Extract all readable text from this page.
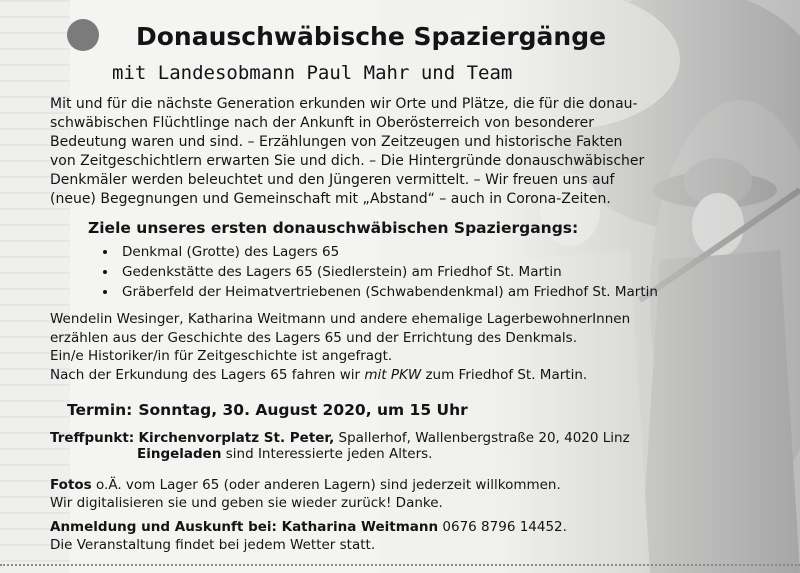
Donauschwäbische Spaziergänge
mit Landesobmann Paul Mahr und Team

Mit und für die nächste Generation erkunden wir Orte und Plätze, die für die donau-schwäbischen Flüchtlinge nach der Ankunft in Oberösterreich von besonderer Bedeutung waren und sind. – Erzählungen von Zeitzeugen und historische Fakten von Zeitgeschichtlern erwarten Sie und dich. – Die Hintergründe donauschwäbischer Denkmäler werden beleuchtet und den Jüngeren vermittelt. – Wir freuen uns auf (neue) Begegnungen und Gemeinschaft mit „Abstand“ – auch in Corona-Zeiten.

Ziele unseres ersten donauschwäbischen Spaziergangs:
• Denkmal (Grotte) des Lagers 65
• Gedenkstätte des Lagers 65 (Siedlerstein) am Friedhof St. Martin
• Gräberfeld der Heimatvertriebenen (Schwabendenkmal) am Friedhof St. Martin

Wendelin Wesinger, Katharina Weitmann und andere ehemalige LagerbewohnerInnen

erzählen aus der Geschichte des Lagers 65 und der Errichtung des Denkmals.

Ein/e Historiker/in für Zeitgeschichte ist angefragt.

Nach der Erkundung des Lagers 65 fahren wir mit PKW zum Friedhof St. Martin.

Termin: Sonntag, 30. August 2020, um 15 Uhr
Treffpunkt: Kirchenvorplatz St. Peter, Spallerhof, Wallenbergstraße 20, 4020 Linz
Eingeladen sind Interessierte jeden Alters.

Fotos o.Ä. vom Lager 65 (oder anderen Lagern) sind jederzeit willkommen.

Wir digitalisieren sie und geben sie wieder zurück! Danke.

Anmeldung und Auskunft bei: Katharina Weitmann 0676 8796 14452.

Die Veranstaltung findet bei jedem Wetter statt.
